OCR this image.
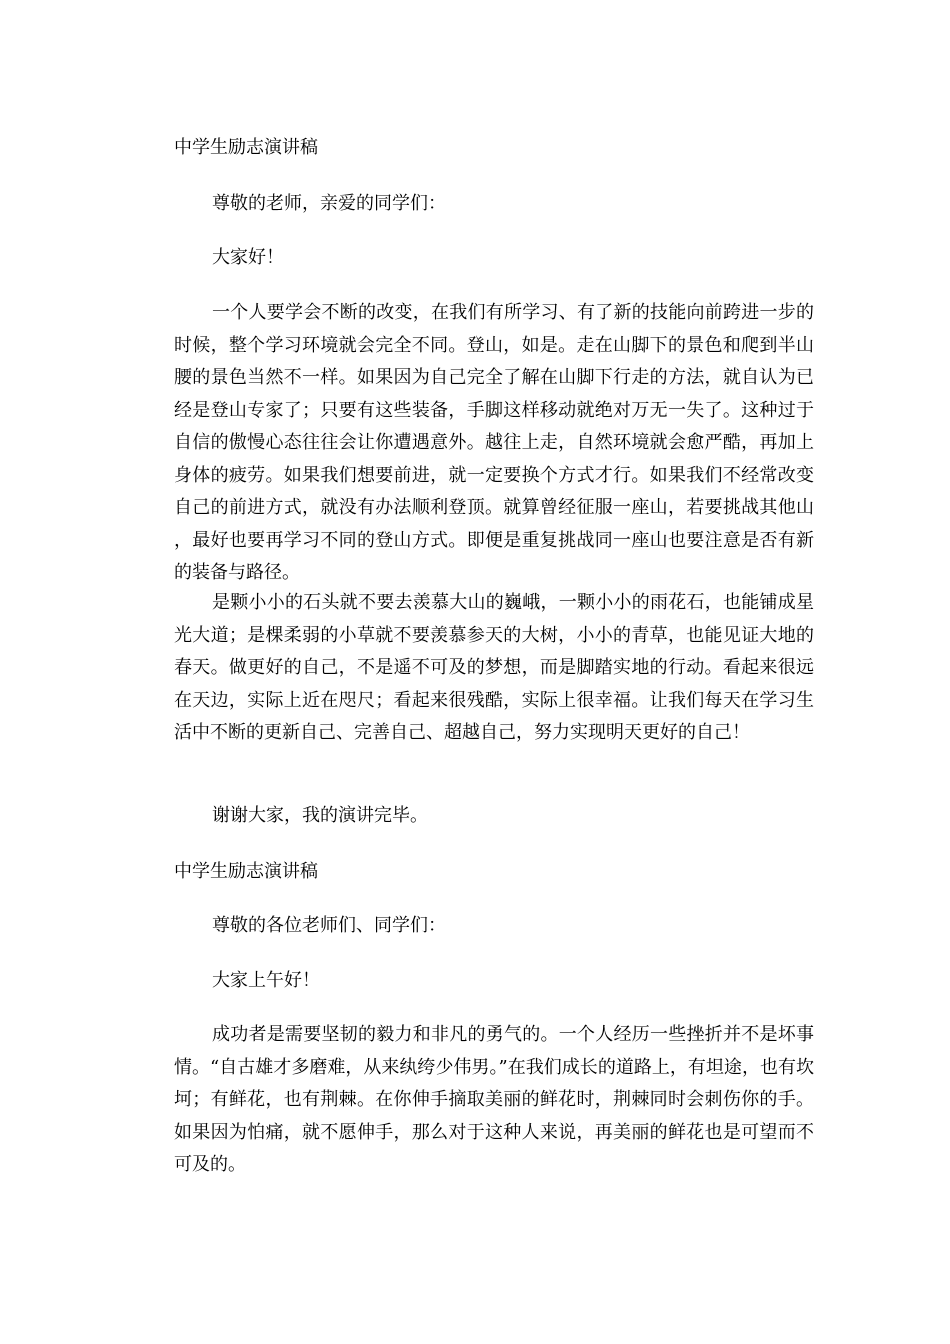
中学生励志演讲稿

尊敬的老师，亲爱的同学们：

大家好！

一个人要学会不断的改变，在我们有所学习、有了新的技能向前跨进一步的时候，整个学习环境就会完全不同。登山，如是。走在山脚下的景色和爬到半山腰的景色当然不一样。如果因为自己完全了解在山脚下行走的方法，就自认为已经是登山专家了；只要有这些装备，手脚这样移动就绝对万无一失了。这种过于自信的傲慢心态往往会让你遭遇意外。越往上走，自然环境就会愈严酷，再加上身体的疲劳。如果我们想要前进，就一定要换个方式才行。如果我们不经常改变自己的前进方式，就没有办法顺利登顶。就算曾经征服一座山，若要挑战其他山，最好也要再学习不同的登山方式。即便是重复挑战同一座山也要注意是否有新的装备与路径。

是颗小小的石头就不要去羡慕大山的巍峨，一颗小小的雨花石，也能铺成星光大道；是棵柔弱的小草就不要羡慕参天的大树，小小的青草，也能见证大地的春天。做更好的自己，不是遥不可及的梦想，而是脚踏实地的行动。看起来很远在天边，实际上近在咫尺；看起来很残酷，实际上很幸福。让我们每天在学习生活中不断的更新自己、完善自己、超越自己，努力实现明天更好的自己！

谢谢大家，我的演讲完毕。

中学生励志演讲稿

尊敬的各位老师们、同学们：

大家上午好！

成功者是需要坚韧的毅力和非凡的勇气的。一个人经历一些挫折并不是坏事情。“自古雄才多磨难，从来纨绔少伟男。”在我们成长的道路上，有坦途，也有坎坷；有鲜花，也有荆棘。在你伸手摘取美丽的鲜花时，荆棘同时会刺伤你的手。如果因为怕痛，就不愿伸手，那么对于这种人来说，再美丽的鲜花也是可望而不可及的。
